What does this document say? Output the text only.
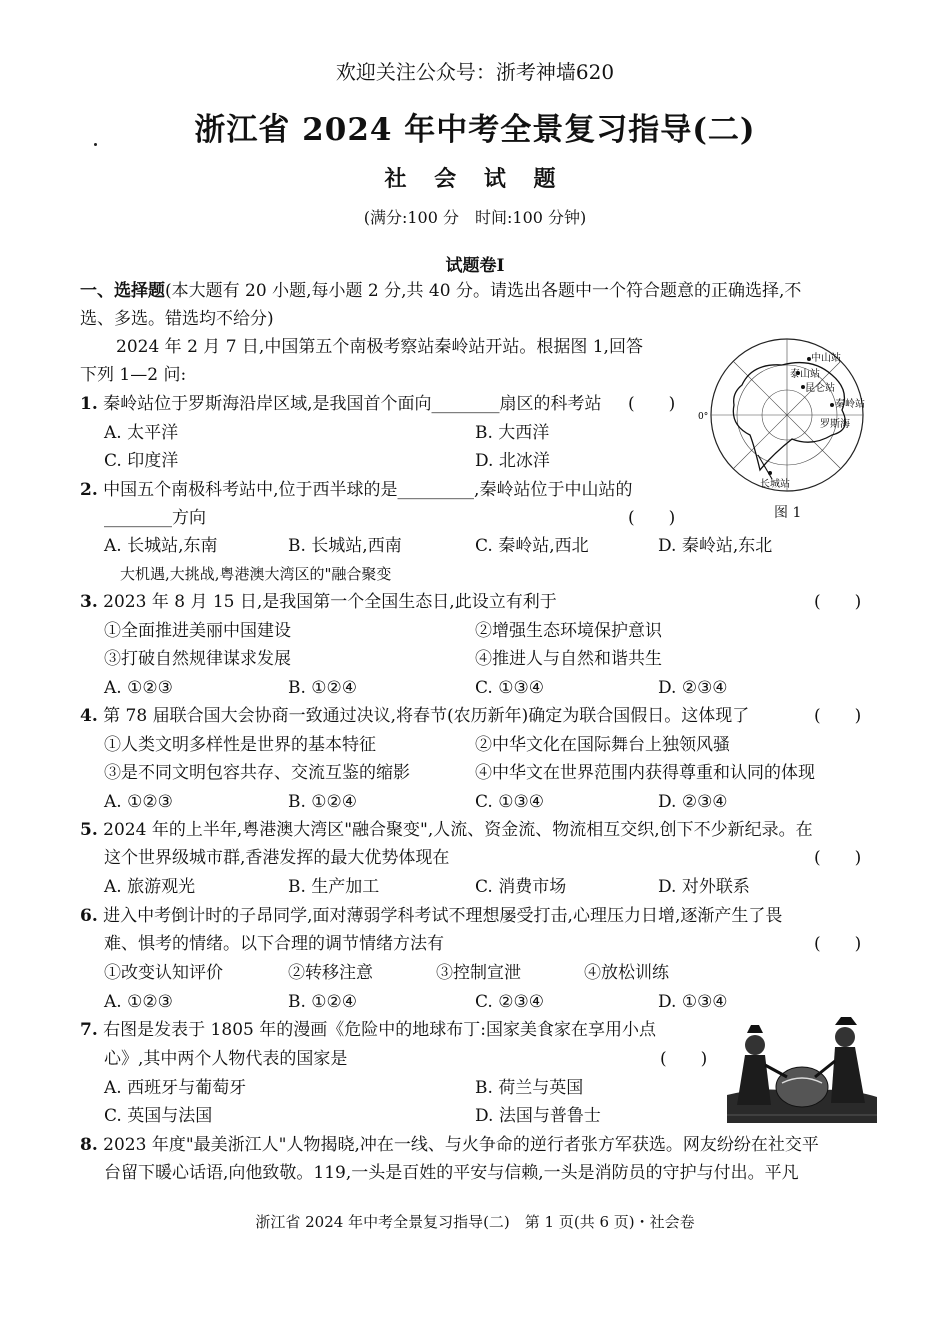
欢迎关注公众号：浙考神墙620
浙江省 2024 年中考全景复习指导(二)
社 会 试 题
(满分:100 分　时间:100 分钟)
试题卷Ⅰ
一、选择题(本大题有 20 小题,每小题 2 分,共 40 分。请选出各题中一个符合题意的正确选择,不
选、多选。错选均不给分)
2024 年 2 月 7 日,中国第五个南极考察站秦岭站开站。根据图 1,回答
下列 1—2 问:
中山站
泰山站
昆仑站
秦岭站
罗斯海
长城站
0°
图 1
1. 秦岭站位于罗斯海沿岸区域,是我国首个面向________扇区的科考站 (　　)
A. 太平洋	B. 大西洋
C. 印度洋	D. 北冰洋
2. 中国五个南极科考站中,位于西半球的是_________,秦岭站位于中山站的
________方向	(　　)
A. 长城站,东南	B. 长城站,西南	C. 秦岭站,西北	D. 秦岭站,东北
大机遇,大挑战,粤港澳大湾区的"融合聚变
3. 2023 年 8 月 15 日,是我国第一个全国生态日,此设立有利于	(　　)
①全面推进美丽中国建设	②增强生态环境保护意识
③打破自然规律谋求发展	④推进人与自然和谐共生
A. ①②③	B. ①②④	C. ①③④	D. ②③④
4. 第 78 届联合国大会协商一致通过决议,将春节(农历新年)确定为联合国假日。这体现了	(　　)
①人类文明多样性是世界的基本特征	②中华文化在国际舞台上独领风骚
③是不同文明包容共存、交流互鉴的缩影	④中华文在世界范围内获得尊重和认同的体现
A. ①②③	B. ①②④	C. ①③④	D. ②③④
5. 2024 年的上半年,粤港澳大湾区"融合聚变",人流、资金流、物流相互交织,创下不少新纪录。在
这个世界级城市群,香港发挥的最大优势体现在	(　　)
A. 旅游观光	B. 生产加工	C. 消费市场	D. 对外联系
6. 进入中考倒计时的子昂同学,面对薄弱学科考试不理想屡受打击,心理压力日增,逐渐产生了畏
难、惧考的情绪。以下合理的调节情绪方法有	(　　)
①改变认知评价	②转移注意	③控制宣泄	④放松训练
A. ①②③	B. ①②④	C. ②③④	D. ①③④
7. 右图是发表于 1805 年的漫画《危险中的地球布丁:国家美食家在享用小点
心》,其中两个人物代表的国家是	(　　)
A. 西班牙与葡萄牙	B. 荷兰与英国
C. 英国与法国	D. 法国与普鲁士
8. 2023 年度"最美浙江人"人物揭晓,冲在一线、与火争命的逆行者张方军获选。网友纷纷在社交平
台留下暖心话语,向他致敬。119,一头是百姓的平安与信赖,一头是消防员的守护与付出。平凡
浙江省 2024 年中考全景复习指导(二)　第 1 页(共 6 页)・社会卷
